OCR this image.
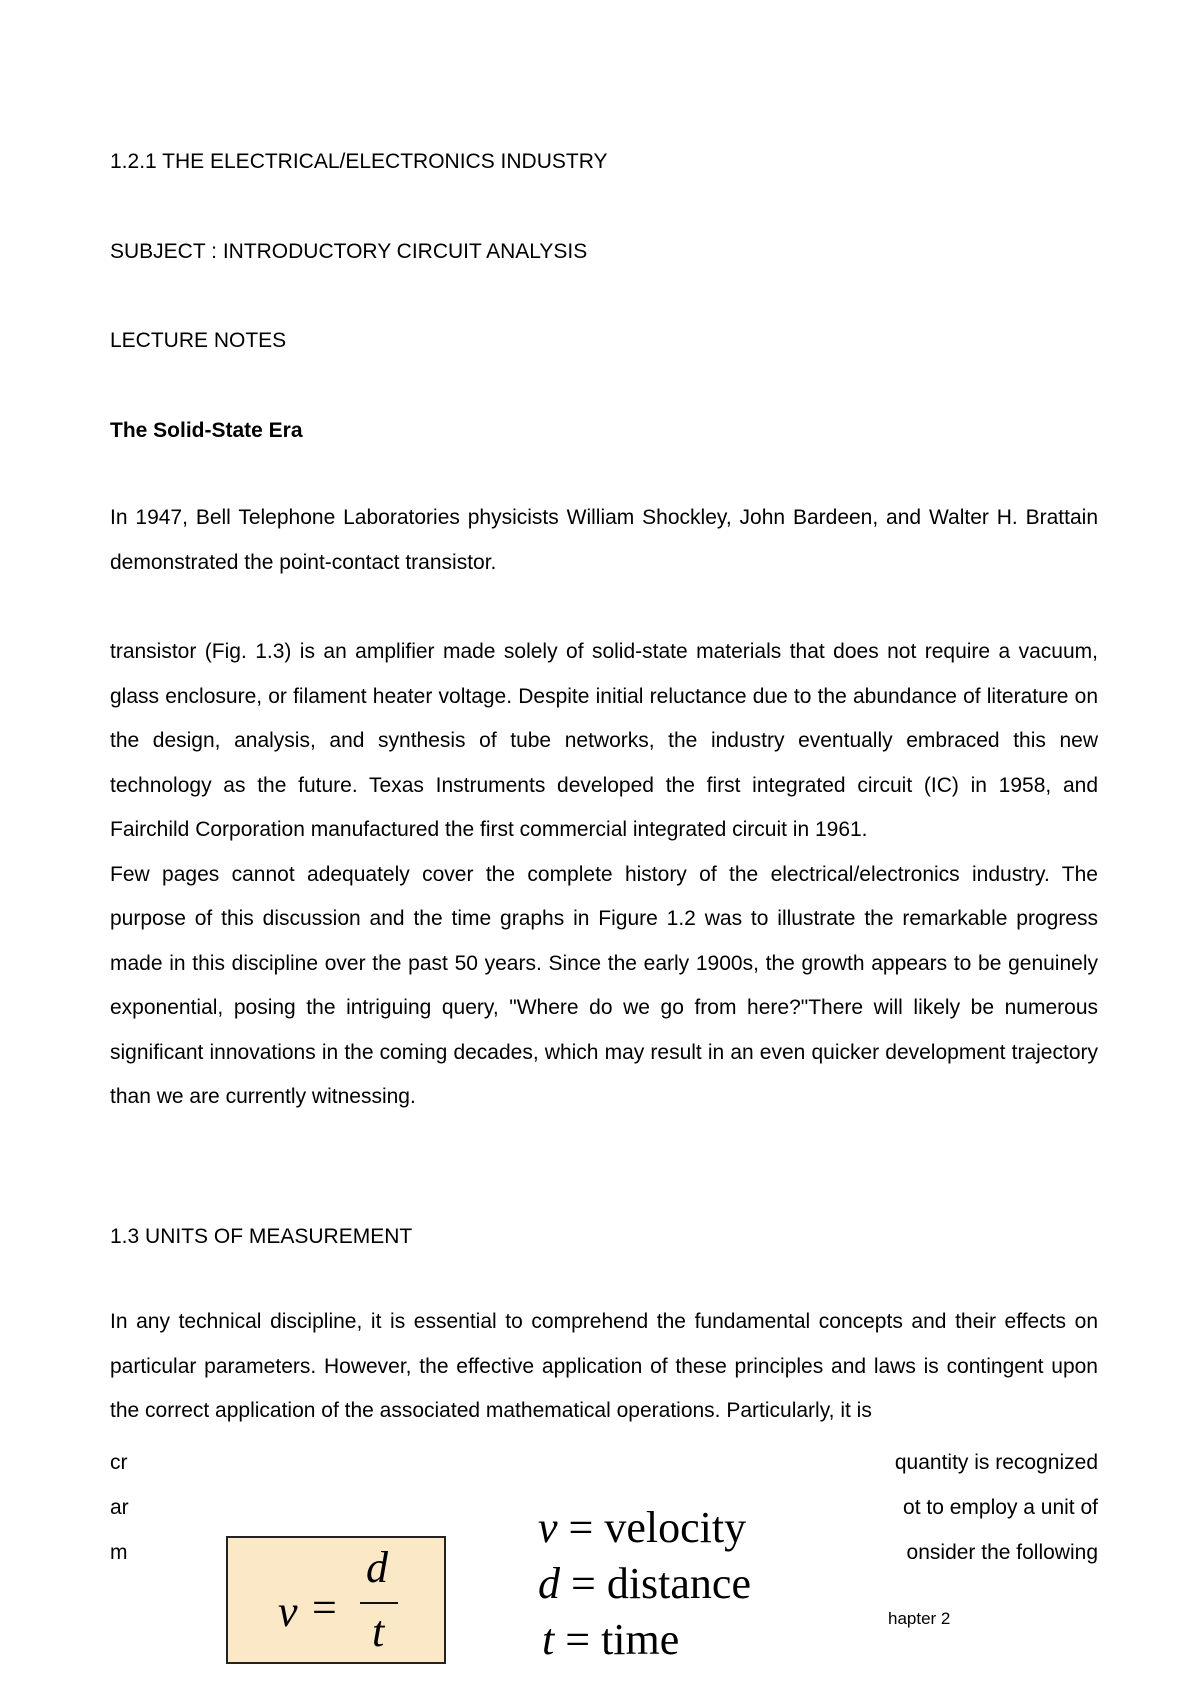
1.2.1 THE ELECTRICAL/ELECTRONICS INDUSTRY
SUBJECT : INTRODUCTORY CIRCUIT ANALYSIS
LECTURE NOTES
The Solid-State Era

In 1947, Bell Telephone Laboratories physicists William Shockley, John Bardeen, and Walter H. Brattain demonstrated the point-contact transistor.

transistor (Fig. 1.3) is an amplifier made solely of solid-state materials that does not require a vacuum, glass enclosure, or filament heater voltage. Despite initial reluctance due to the abundance of literature on the design, analysis, and synthesis of tube networks, the industry eventually embraced this new technology as the future. Texas Instruments developed the first integrated circuit (IC) in 1958, and Fairchild Corporation manufactured the first commercial integrated circuit in 1961.

Few pages cannot adequately cover the complete history of the electrical/electronics industry. The purpose of this discussion and the time graphs in Figure 1.2 was to illustrate the remarkable progress made in this discipline over the past 50 years. Since the early 1900s, the growth appears to be genuinely exponential, posing the intriguing query, "Where do we go from here?"There will likely be numerous significant innovations in the coming decades, which may result in an even quicker development trajectory than we are currently witnessing.

1.3 UNITS OF MEASUREMENT

In any technical discipline, it is essential to comprehend the fundamental concepts and their effects on particular parameters. However, the effective application of these principles and laws is contingent upon the correct application of the associated mathematical operations. Particularly, it is

cr	quantity is recognized
ar	ot to employ a unit of
m	onsider the following
v =
d
t
v = velocity
d = distance
t = time	hapter 2
